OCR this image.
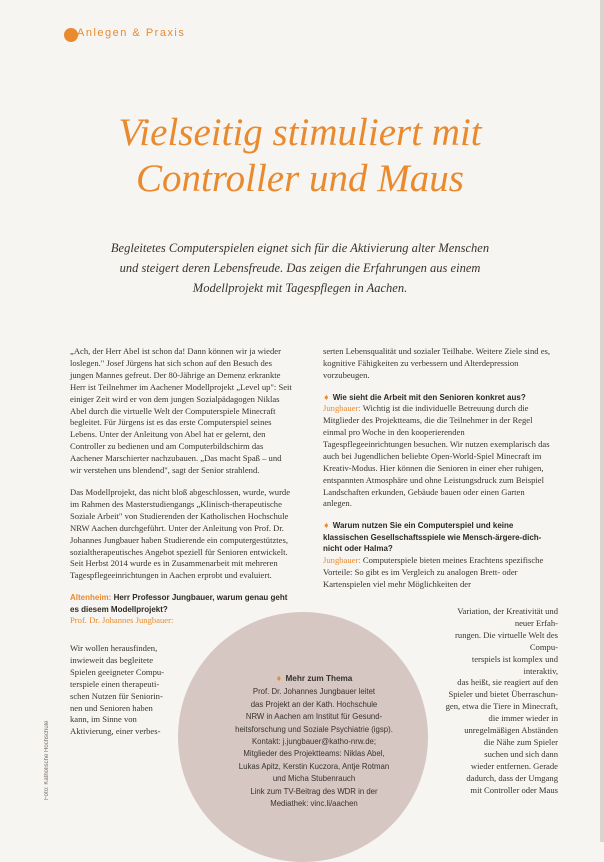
Anlegen & Praxis
Vielseitig stimuliert mit
Controller und Maus
Begleitetes Computerspielen eignet sich für die Aktivierung alter Menschen
und steigert deren Lebensfreude. Das zeigen die Erfahrungen aus einem
Modellprojekt mit Tagespflegen in Aachen.

„Ach, der Herr Abel ist schon da! Dann können wir ja wieder loslegen." Josef Jürgens hat sich schon auf den Besuch des jungen Mannes gefreut. Der 80-Jährige an Demenz erkrankte Herr ist Teilnehmer im Aachener Modellprojekt „Level up": Seit einiger Zeit wird er von dem jungen Sozialpädagogen Niklas Abel durch die virtuelle Welt der Computerspiele Minecraft begleitet. Für Jürgens ist es das erste Computerspiel seines Lebens. Unter der Anleitung von Abel hat er gelernt, den Controller zu bedienen und am Computerbildschirm das Aachener Marschierter nachzubauen. „Das macht Spaß – und wir verstehen uns blendend", sagt der Senior strahlend.

Das Modellprojekt, das nicht bloß abgeschlossen, wurde, wurde im Rahmen des Masterstudiengangs „Klinisch-therapeutische Soziale Arbeit" von Studierenden der Katholischen Hochschule NRW Aachen durchgeführt. Unter der Anleitung von Prof. Dr. Johannes Jungbauer haben Studierende ein computergestütztes, sozialtherapeutisches Angebot speziell für Senioren entwickelt. Seit Herbst 2014 wurde es in Zusammenarbeit mit mehreren Tagespflegeeinrichtungen in Aachen erprobt und evaluiert.

Altenheim: Herr Professor Jungbauer, warum genau geht es diesem Modellprojekt?
Prof. Dr. Johannes Jungbauer:

Wir wollen herausfinden,

inwieweit das begleitete

Spielen geeigneter Compu-

terspiele einen therapeuti-

schen Nutzen für Seniorin-

nen und Senioren haben

kann, im Sinne von

Aktivierung, einer verbes-

serten Lebensqualität und sozialer Teilhabe. Weitere Ziele sind es, kognitive Fähigkeiten zu verbessern und Alterdepression vorzubeugen.

➧ Wie sieht die Arbeit mit den Senioren konkret aus?

Jungbauer: Wichtig ist die individuelle Betreuung durch die Mitglieder des Projektteams, die die Teilnehmer in der Regel einmal pro Woche in den kooperierenden Tagespflegeeinrichtungen besuchen. Wir nutzen exemplarisch das auch bei Jugendlichen beliebte Open-World-Spiel Minecraft im Kreativ-Modus. Hier können die Senioren in einer eher ruhigen, entspannten Atmosphäre und ohne Leistungsdruck zum Beispiel Landschaften erkunden, Gebäude bauen oder einen Garten anlegen.

➧ Warum nutzen Sie ein Computerspiel und keine klassischen Gesellschaftsspiele wie Mensch-ärgere-dich-nicht oder Halma?

Jungbauer: Computerspiele bieten meines Erachtens spezifische Vorteile: So gibt es im Vergleich zu analogen Brett- oder Kartenspielen viel mehr Möglichkeiten der

Variation, der Kreativität und neuer Erfah-

rungen. Die virtuelle Welt des Compu-

terspiels ist komplex und interaktiv,

das heißt, sie reagiert auf den

Spieler und bietet Überraschun-

gen, etwa die Tiere in Minecraft,

die immer wieder in

unregelmäßigen Abständen

die Nähe zum Spieler

suchen und sich dann

wieder entfernen. Gerade

dadurch, dass der Umgang

mit Controller oder Maus

➧ Mehr zum Thema
Prof. Dr. Johannes Jungbauer leitet
das Projekt an der Kath. Hochschule
NRW in Aachen am Institut für Gesund-
heitsforschung und Soziale Psychiatrie (igsp).
Kontakt: j.jungbauer@katho-nrw.de;
Mitglieder des Projektteams: Niklas Abel,
Lukas Apitz, Kerstin Kuczora, Antje Rotman
und Micha Stubenrauch
Link zum TV-Beitrag des WDR in der
Mediathek: vinc.li/aachen
Foto: Katholische Hochschule
